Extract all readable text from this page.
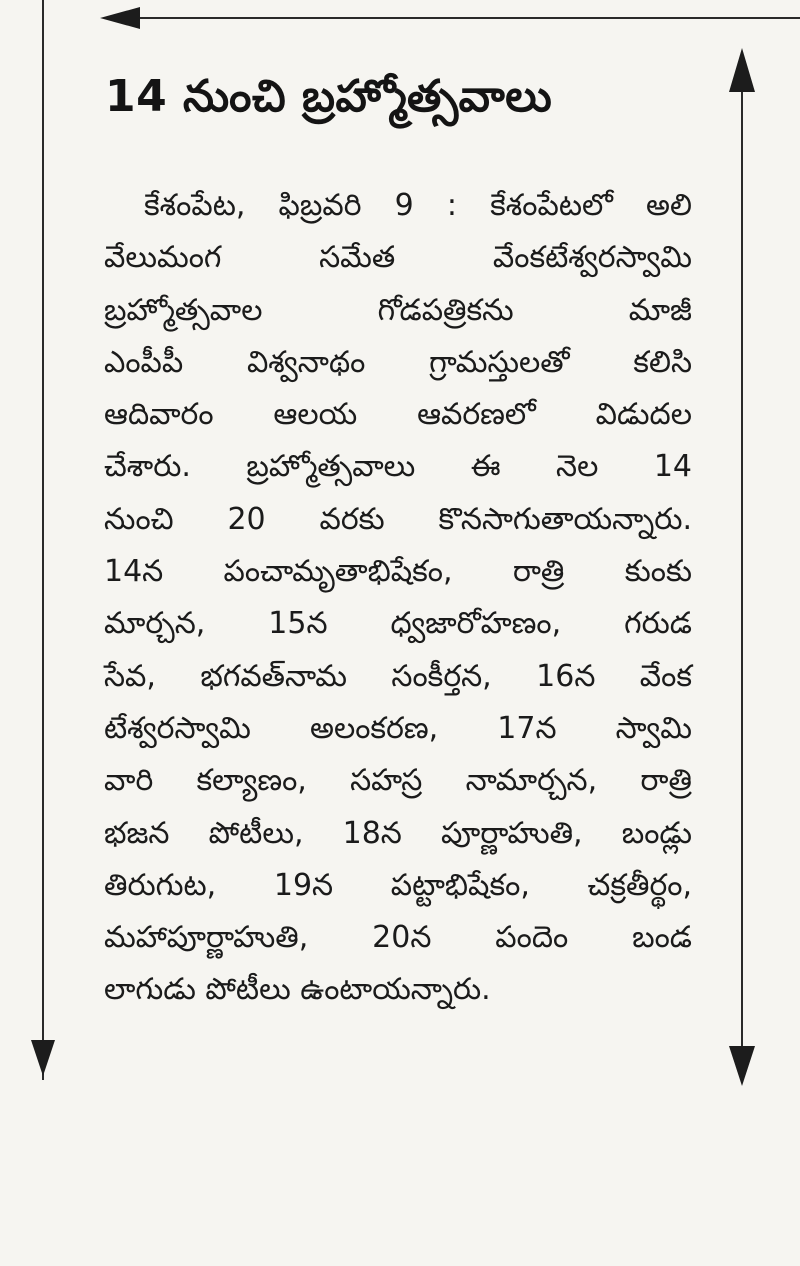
14 నుంచి బ్రహ్మోత్సవాలు
కేశంపేట, ఫిబ్రవరి 9 : కేశంపేటలో అలి
వేలుమంగ సమేత వేంకటేశ్వరస్వామి
బ్రహ్మోత్సవాల గోడపత్రికను మాజీ
ఎంపీపీ విశ్వనాథం గ్రామస్తులతో కలిసి
ఆదివారం ఆలయ ఆవరణలో విడుదల
చేశారు. బ్రహ్మోత్సవాలు ఈ నెల 14
నుంచి 20 వరకు కొనసాగుతాయన్నారు.
14న పంచామృతాభిషేకం, రాత్రి కుంకు
మార్చన, 15న ధ్వజారోహణం, గరుడ
సేవ, భగవత్‌నామ సంకీర్తన, 16న వేంక
టేశ్వరస్వామి అలంకరణ, 17న స్వామి
వారి కల్యాణం, సహస్ర నామార్చన, రాత్రి
భజన పోటీలు, 18న పూర్ణాహుతి, బండ్లు
తిరుగుట, 19న పట్టాభిషేకం, చక్రతీర్థం,
మహాపూర్ణాహుతి, 20న పందెం బండ
లాగుడు పోటీలు ఉంటాయన్నారు.
